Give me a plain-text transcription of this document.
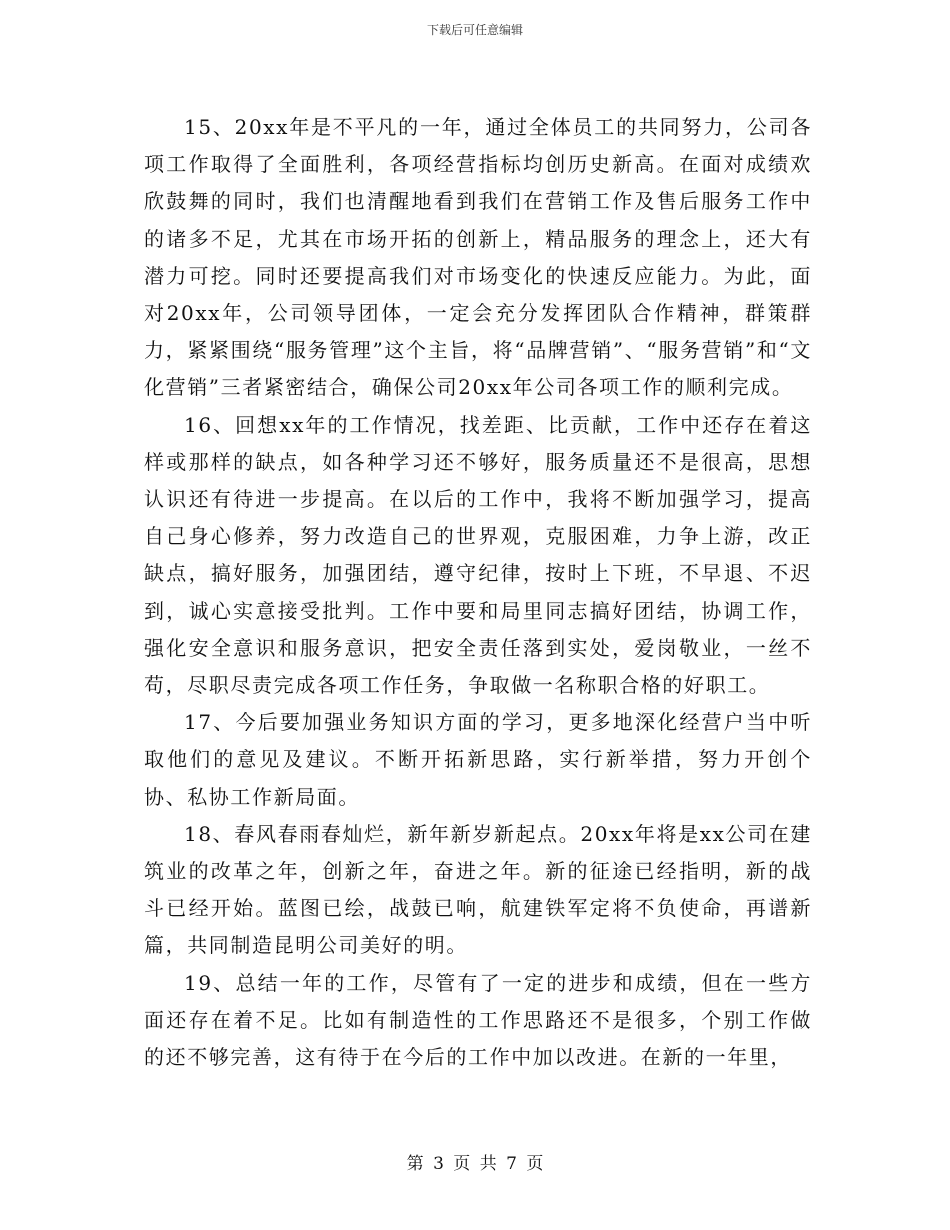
下载后可任意编辑

15、20xx年是不平凡的一年，通过全体员工的共同努力，公司各项工作取得了全面胜利，各项经营指标均创历史新高。在面对成绩欢欣鼓舞的同时，我们也清醒地看到我们在营销工作及售后服务工作中的诸多不足，尤其在市场开拓的创新上，精品服务的理念上，还大有潜力可挖。同时还要提高我们对市场变化的快速反应能力。为此，面对20xx年，公司领导团体，一定会充分发挥团队合作精神，群策群力，紧紧围绕“服务管理”这个主旨，将“品牌营销”、“服务营销”和“文化营销”三者紧密结合，确保公司20xx年公司各项工作的顺利完成。

16、回想xx年的工作情况，找差距、比贡献，工作中还存在着这样或那样的缺点，如各种学习还不够好，服务质量还不是很高，思想认识还有待进一步提高。在以后的工作中，我将不断加强学习，提高自己身心修养，努力改造自己的世界观，克服困难，力争上游，改正缺点，搞好服务，加强团结，遵守纪律，按时上下班，不早退、不迟到，诚心实意接受批判。工作中要和局里同志搞好团结，协调工作，强化安全意识和服务意识，把安全责任落到实处，爱岗敬业，一丝不苟，尽职尽责完成各项工作任务，争取做一名称职合格的好职工。

17、今后要加强业务知识方面的学习，更多地深化经营户当中听取他们的意见及建议。不断开拓新思路，实行新举措，努力开创个协、私协工作新局面。

18、春风春雨春灿烂，新年新岁新起点。20xx年将是xx公司在建筑业的改革之年，创新之年，奋进之年。新的征途已经指明，新的战斗已经开始。蓝图已绘，战鼓已响，航建铁军定将不负使命，再谱新篇，共同制造昆明公司美好的明。

19、总结一年的工作，尽管有了一定的进步和成绩，但在一些方面还存在着不足。比如有制造性的工作思路还不是很多，个别工作做的还不够完善，这有待于在今后的工作中加以改进。在新的一年里，

第 3 页 共 7 页
